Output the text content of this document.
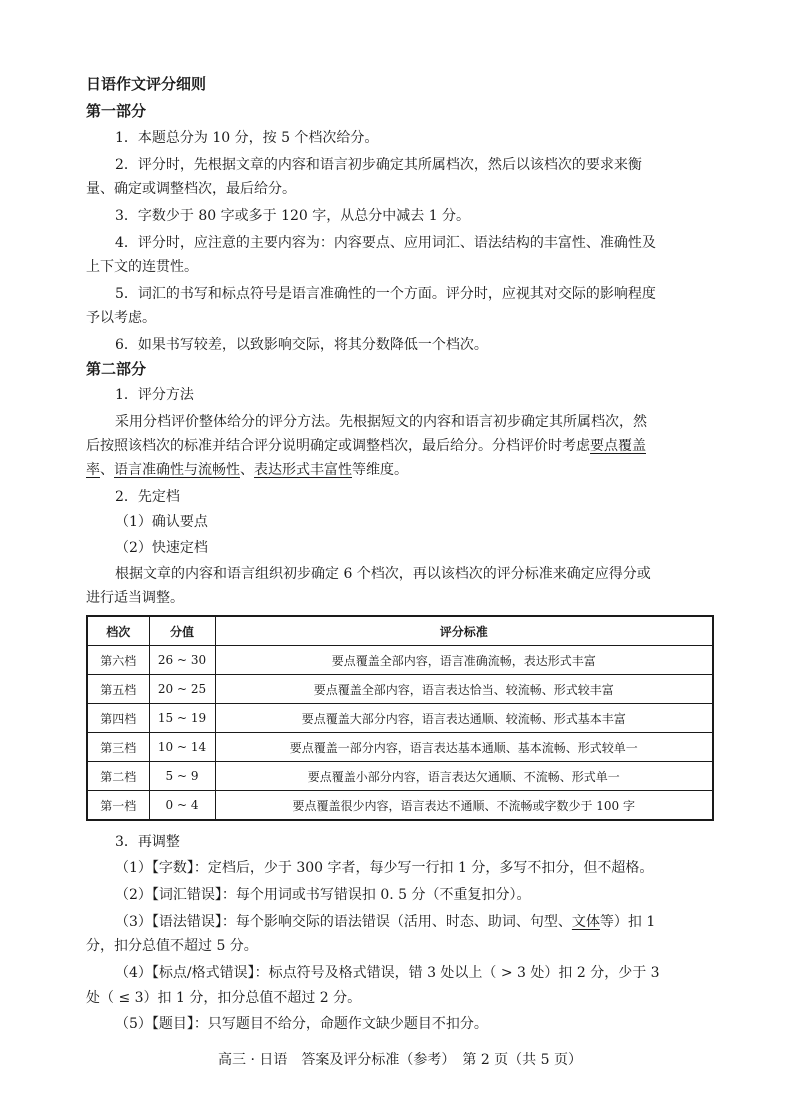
日语作文评分细则
第一部分
1．本题总分为 10 分，按 5 个档次给分。
2．评分时，先根据文章的内容和语言初步确定其所属档次，然后以该档次的要求来衡
量、确定或调整档次，最后给分。
3．字数少于 80 字或多于 120 字，从总分中减去 1 分。
4．评分时，应注意的主要内容为：内容要点、应用词汇、语法结构的丰富性、准确性及
上下文的连贯性。
5．词汇的书写和标点符号是语言准确性的一个方面。评分时，应视其对交际的影响程度
予以考虑。
6．如果书写较差，以致影响交际，将其分数降低一个档次。
第二部分
1．评分方法
采用分档评价整体给分的评分方法。先根据短文的内容和语言初步确定其所属档次，然
后按照该档次的标准并结合评分说明确定或调整档次，最后给分。分档评价时考虑要点覆盖
率、语言准确性与流畅性、表达形式丰富性等维度。
2．先定档
（1）确认要点
（2）快速定档
根据文章的内容和语言组织初步确定 6 个档次，再以该档次的评分标准来确定应得分或
进行适当调整。
档次	分值	评分标准
第六档	26 ~ 30	要点覆盖全部内容，语言准确流畅，表达形式丰富
第五档	20 ~ 25	要点覆盖全部内容，语言表达恰当、较流畅、形式较丰富
第四档	15 ~ 19	要点覆盖大部分内容，语言表达通顺、较流畅、形式基本丰富
第三档	10 ~ 14	要点覆盖一部分内容，语言表达基本通顺、基本流畅、形式较单一
第二档	5 ~ 9	要点覆盖小部分内容，语言表达欠通顺、不流畅、形式单一
第一档	0 ~ 4	要点覆盖很少内容，语言表达不通顺、不流畅或字数少于 100 字
3．再调整
（1）【字数】：定档后，少于 300 字者，每少写一行扣 1 分，多写不扣分，但不超格。
（2）【词汇错误】：每个用词或书写错误扣 0. 5 分（不重复扣分）。
（3）【语法错误】：每个影响交际的语法错误（活用、时态、助词、句型、文体等）扣 1
分，扣分总值不超过 5 分。
（4）【标点/格式错误】：标点符号及格式错误，错 3 处以上（ > 3 处）扣 2 分，少于 3
处（ ≤ 3）扣 1 分，扣分总值不超过 2 分。
（5）【题目】：只写题目不给分，命题作文缺少题目不扣分。
高三 · 日语　答案及评分标准（参考）　第 2 页（共 5 页）
